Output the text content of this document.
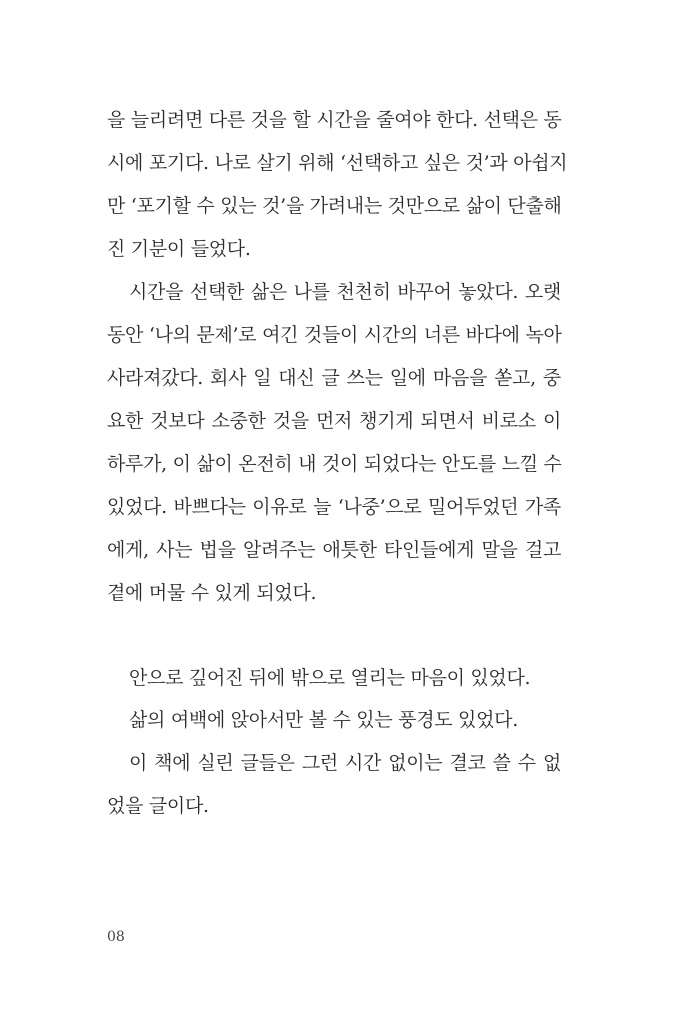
을 늘리려면 다른 것을 할 시간을 줄여야 한다. 선택은 동
시에 포기다. 나로 살기 위해 ‘선택하고 싶은 것’과 아쉽지
만 ‘포기할 수 있는 것’을 가려내는 것만으로 삶이 단출해
진 기분이 들었다.
시간을 선택한 삶은 나를 천천히 바꾸어 놓았다. 오랫
동안 ‘나의 문제’로 여긴 것들이 시간의 너른 바다에 녹아
사라져갔다. 회사 일 대신 글 쓰는 일에 마음을 쏟고, 중
요한 것보다 소중한 것을 먼저 챙기게 되면서 비로소 이
하루가, 이 삶이 온전히 내 것이 되었다는 안도를 느낄 수
있었다. 바쁘다는 이유로 늘 ‘나중’으로 밀어두었던 가족
에게, 사는 법을 알려주는 애틋한 타인들에게 말을 걸고
곁에 머물 수 있게 되었다.
안으로 깊어진 뒤에 밖으로 열리는 마음이 있었다.
삶의 여백에 앉아서만 볼 수 있는 풍경도 있었다.
이 책에 실린 글들은 그런 시간 없이는 결코 쓸 수 없
었을 글이다.
08
